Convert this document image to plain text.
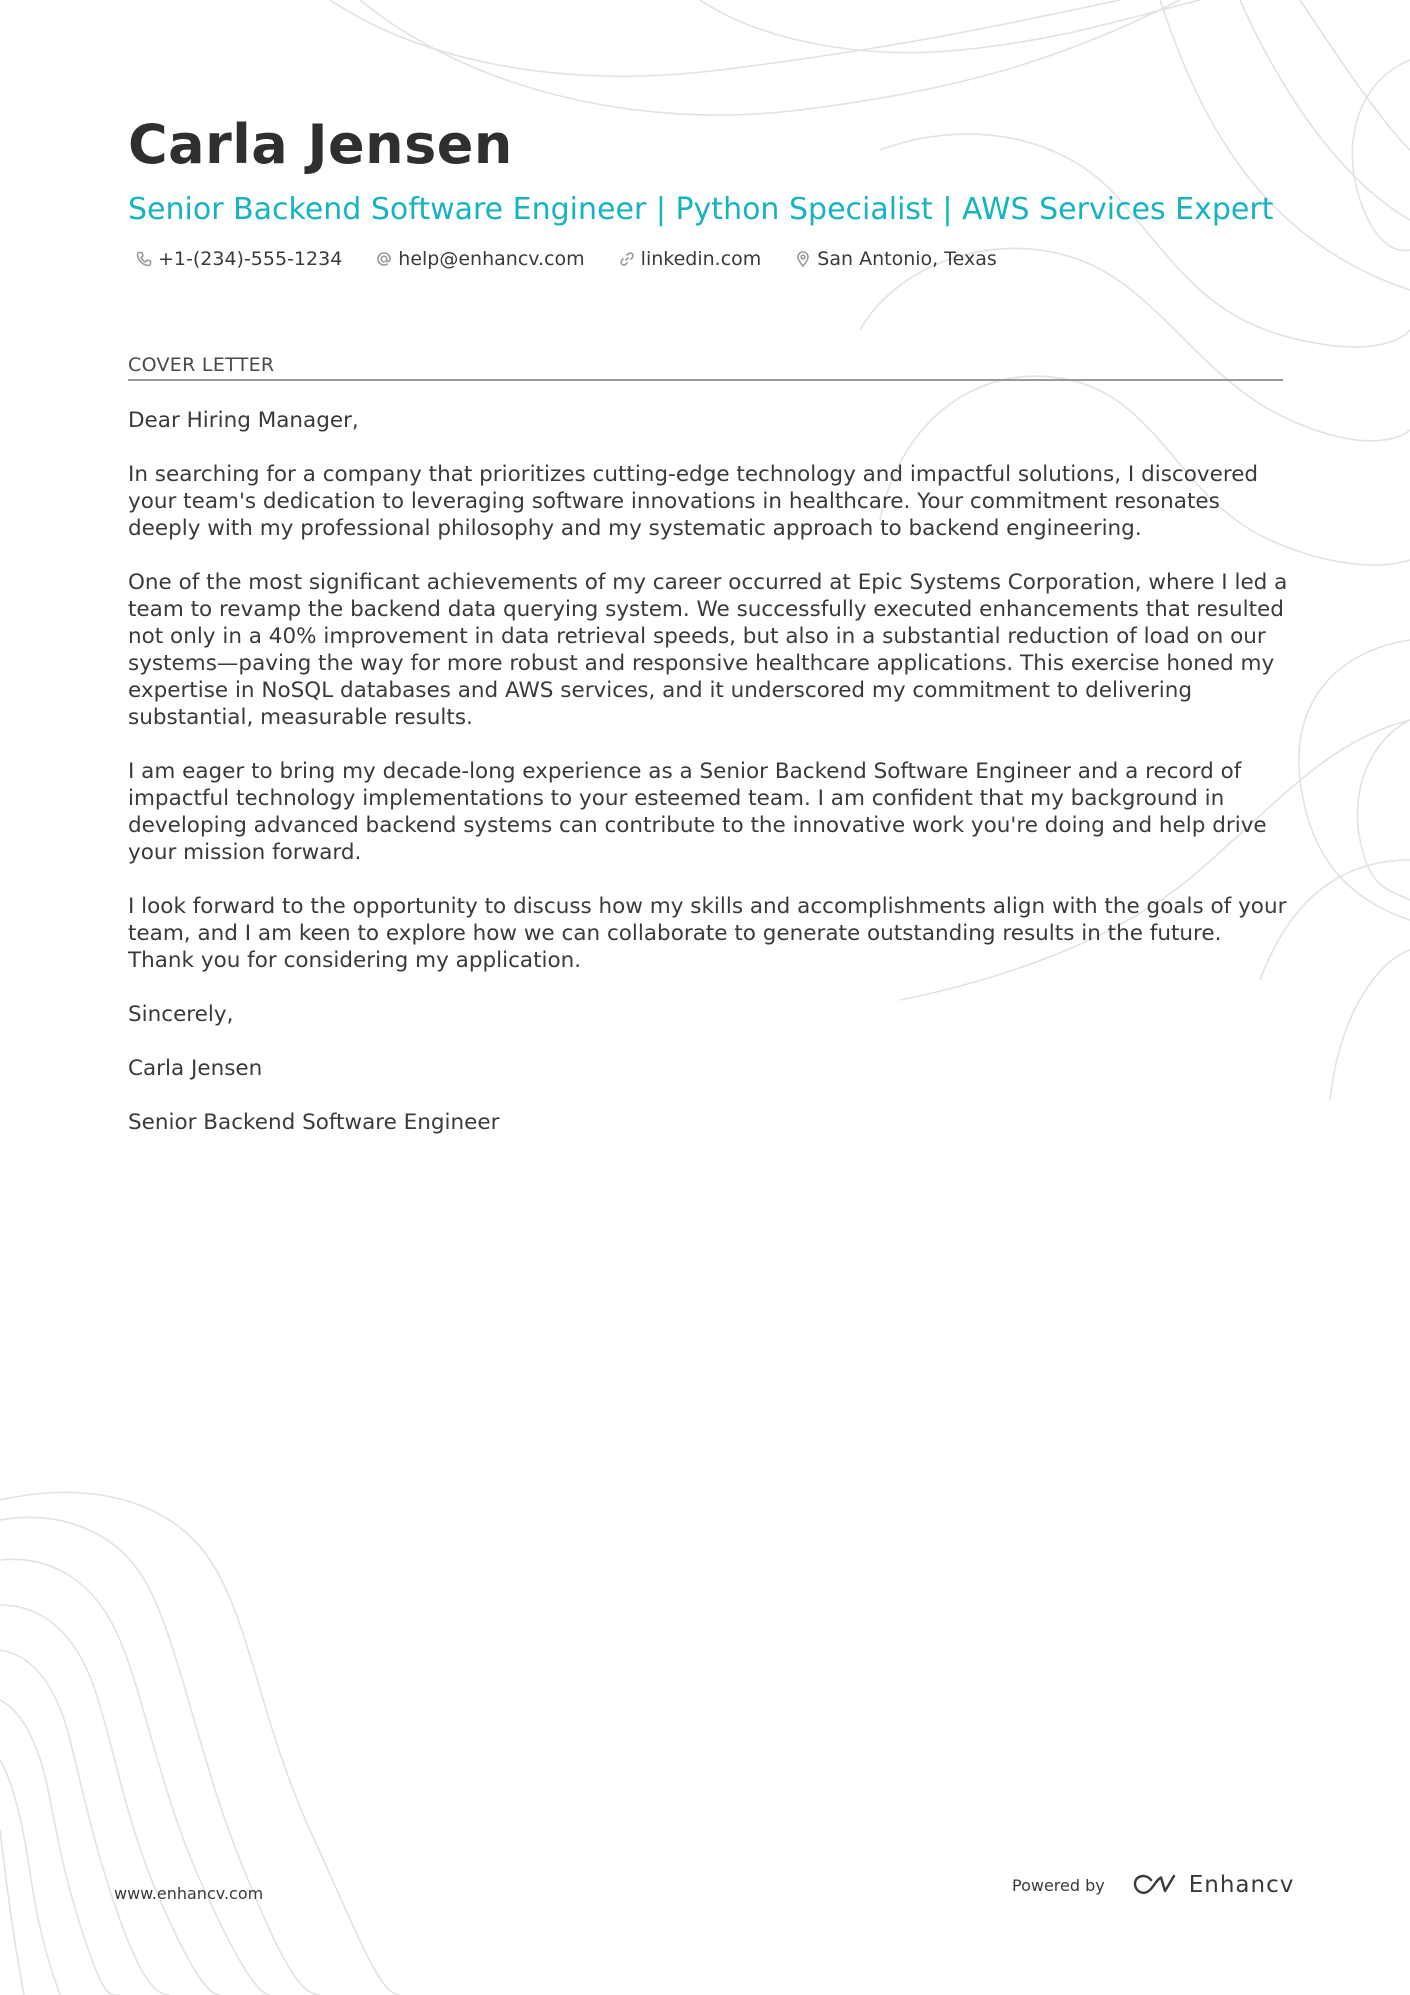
Carla Jensen
Senior Backend Software Engineer | Python Specialist | AWS Services Expert
+1-(234)-555-1234	help@enhancv.com	linkedin.com	San Antonio, Texas
COVER LETTER

Dear Hiring Manager,

In searching for a company that prioritizes cutting-edge technology and impactful solutions, I discovered your team's dedication to leveraging software innovations in healthcare. Your commitment resonates deeply with my professional philosophy and my systematic approach to backend engineering.

One of the most significant achievements of my career occurred at Epic Systems Corporation, where I led a team to revamp the backend data querying system. We successfully executed enhancements that resulted not only in a 40% improvement in data retrieval speeds, but also in a substantial reduction of load on our systems—paving the way for more robust and responsive healthcare applications. This exercise honed my expertise in NoSQL databases and AWS services, and it underscored my commitment to delivering substantial, measurable results.

I am eager to bring my decade-long experience as a Senior Backend Software Engineer and a record of impactful technology implementations to your esteemed team. I am confident that my background in developing advanced backend systems can contribute to the innovative work you're doing and help drive your mission forward.

I look forward to the opportunity to discuss how my skills and accomplishments align with the goals of your team, and I am keen to explore how we can collaborate to generate outstanding results in the future. Thank you for considering my application.

Sincerely,

Carla Jensen

Senior Backend Software Engineer

www.enhancv.com	Powered by	Enhancv
